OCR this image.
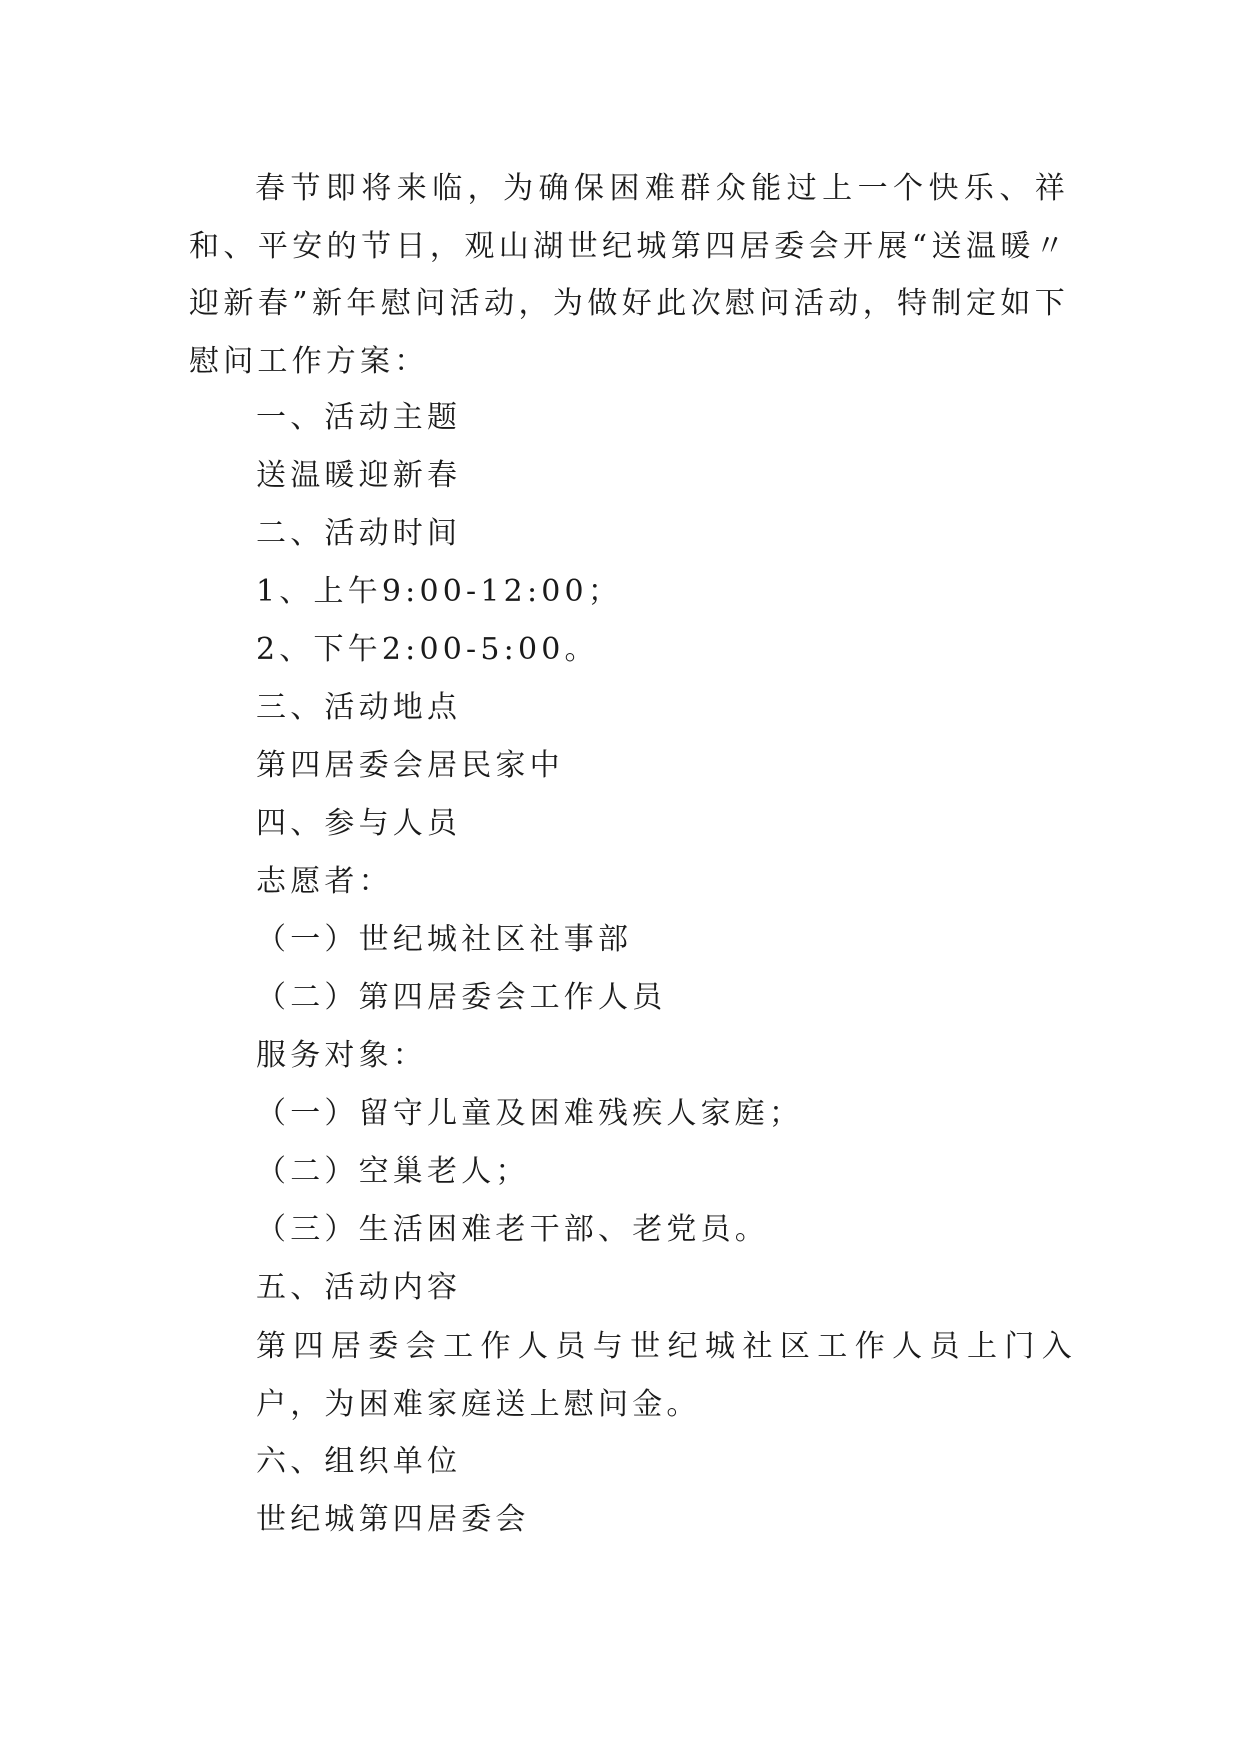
春节即将来临，为确保困难群众能过上一个快乐、祥和、平安的节日，观山湖世纪城第四居委会开展“送温暖〃迎新春”新年慰问活动，为做好此次慰问活动，特制定如下慰问工作方案：

一、活动主题

送温暖迎新春

二、活动时间

1、上午9:00-12:00；

2、下午2:00-5:00。

三、活动地点

第四居委会居民家中

四、参与人员

志愿者：

（一）世纪城社区社事部

（二）第四居委会工作人员

服务对象：

（一）留守儿童及困难残疾人家庭；

（二）空巢老人；

（三）生活困难老干部、老党员。

五、活动内容

第四居委会工作人员与世纪城社区工作人员上门入户，为困难家庭送上慰问金。

六、组织单位

世纪城第四居委会
